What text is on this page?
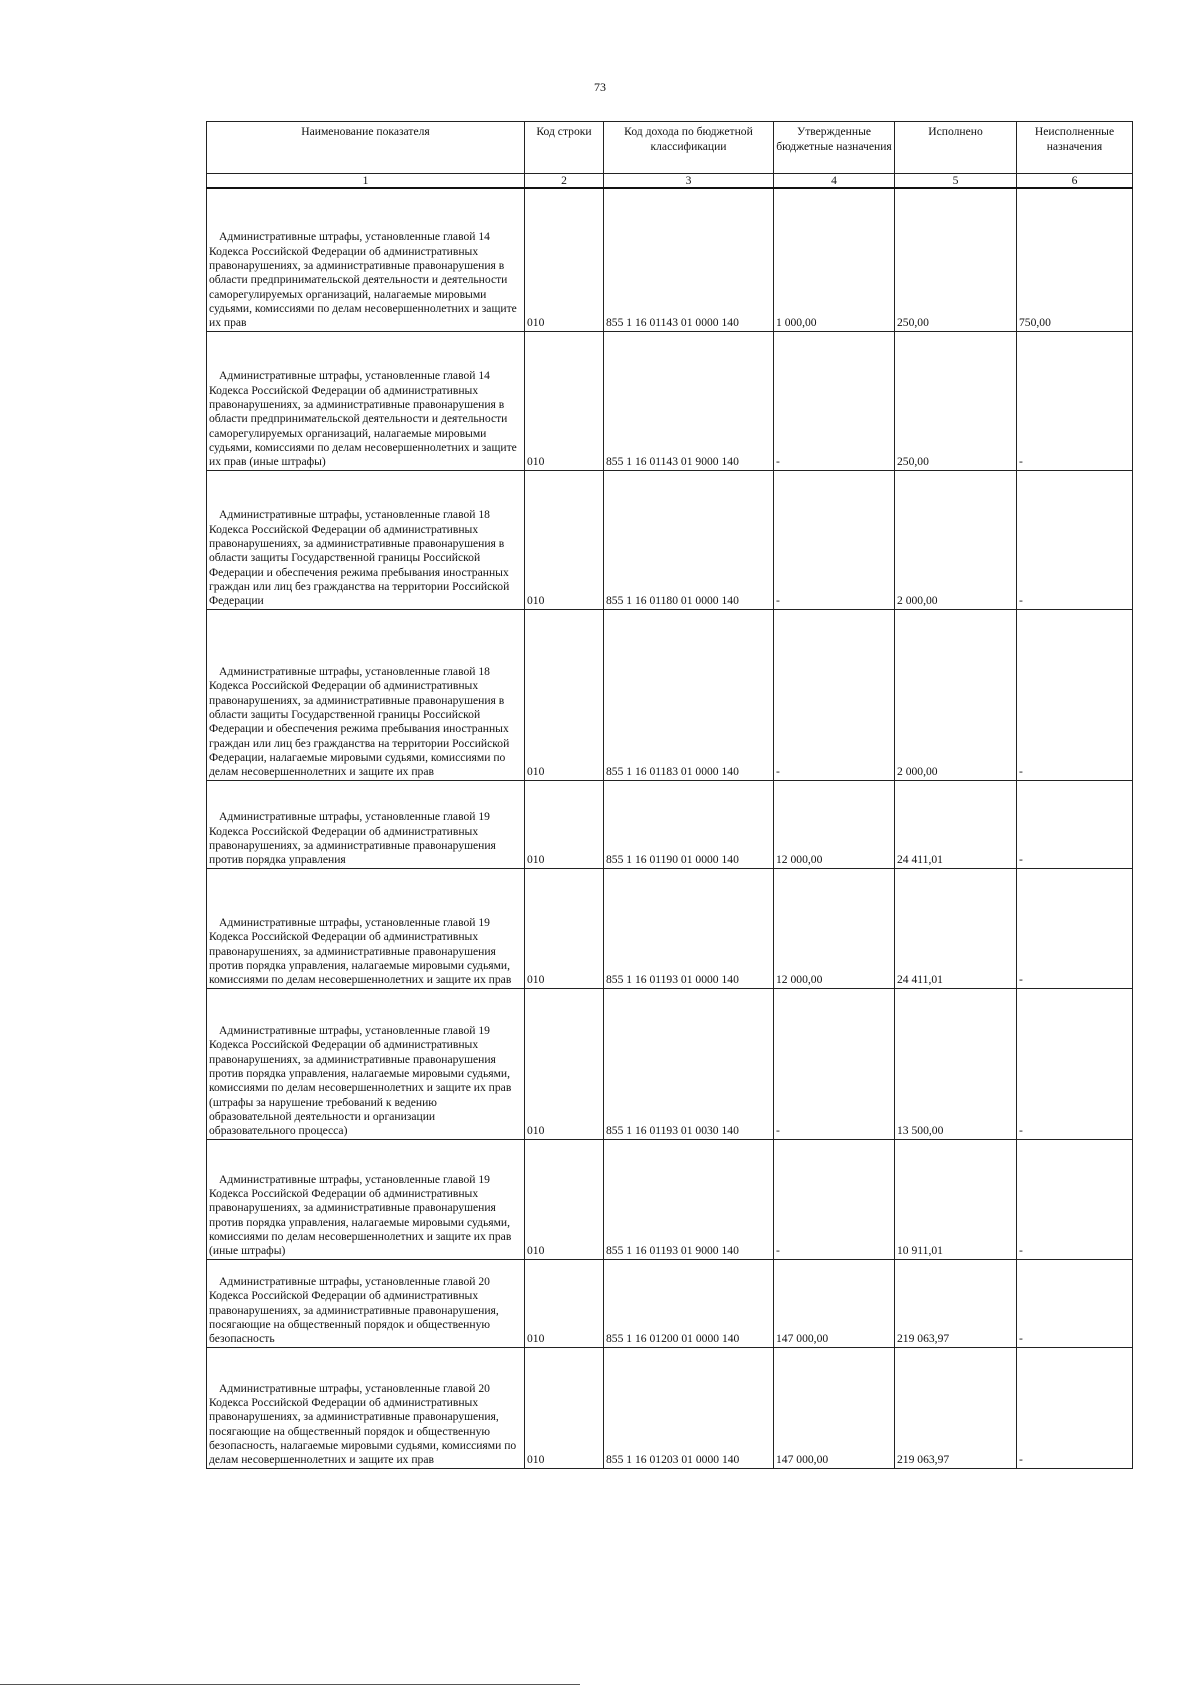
73
Наименование показателя	Код строки	Код дохода по бюджетной классификации	Утвержденные бюджетные назначения	Исполнено	Неисполненные назначения
1	2	3	4	5	6
Административные штрафы, установленные главой 14 Кодекса Российской Федерации об административных правонарушениях, за административные правонарушения в области предпринимательской деятельности и деятельности саморегулируемых организаций, налагаемые мировыми судьями, комиссиями по делам несовершеннолетних и защите их прав	010	855 1 16 01143 01 0000 140	1 000,00	250,00	750,00
Административные штрафы, установленные главой 14 Кодекса Российской Федерации об административных правонарушениях, за административные правонарушения в области предпринимательской деятельности и деятельности саморегулируемых организаций, налагаемые мировыми судьями, комиссиями по делам несовершеннолетних и защите их прав (иные штрафы)	010	855 1 16 01143 01 9000 140	-	250,00	-
Административные штрафы, установленные главой 18 Кодекса Российской Федерации об административных правонарушениях, за административные правонарушения в области защиты Государственной границы Российской Федерации и обеспечения режима пребывания иностранных граждан или лиц без гражданства на территории Российской Федерации	010	855 1 16 01180 01 0000 140	-	2 000,00	-
Административные штрафы, установленные главой 18 Кодекса Российской Федерации об административных правонарушениях, за административные правонарушения в области защиты Государственной границы Российской Федерации и обеспечения режима пребывания иностранных граждан или лиц без гражданства на территории Российской Федерации, налагаемые мировыми судьями, комиссиями по делам несовершеннолетних и защите их прав	010	855 1 16 01183 01 0000 140	-	2 000,00	-
Административные штрафы, установленные главой 19 Кодекса Российской Федерации об административных правонарушениях, за административные правонарушения против порядка управления	010	855 1 16 01190 01 0000 140	12 000,00	24 411,01	-
Административные штрафы, установленные главой 19 Кодекса Российской Федерации об административных правонарушениях, за административные правонарушения против порядка управления, налагаемые мировыми судьями, комиссиями по делам несовершеннолетних и защите их прав	010	855 1 16 01193 01 0000 140	12 000,00	24 411,01	-
Административные штрафы, установленные главой 19 Кодекса Российской Федерации об административных правонарушениях, за административные правонарушения против порядка управления, налагаемые мировыми судьями, комиссиями по делам несовершеннолетних и защите их прав (штрафы за нарушение требований к ведению образовательной деятельности и организации образовательного процесса)	010	855 1 16 01193 01 0030 140	-	13 500,00	-
Административные штрафы, установленные главой 19 Кодекса Российской Федерации об административных правонарушениях, за административные правонарушения против порядка управления, налагаемые мировыми судьями, комиссиями по делам несовершеннолетних и защите их прав (иные штрафы)	010	855 1 16 01193 01 9000 140	-	10 911,01	-
Административные штрафы, установленные главой 20 Кодекса Российской Федерации об административных правонарушениях, за административные правонарушения, посягающие на общественный порядок и общественную безопасность	010	855 1 16 01200 01 0000 140	147 000,00	219 063,97	-
Административные штрафы, установленные главой 20 Кодекса Российской Федерации об административных правонарушениях, за административные правонарушения, посягающие на общественный порядок и общественную безопасность, налагаемые мировыми судьями, комиссиями по делам несовершеннолетних и защите их прав	010	855 1 16 01203 01 0000 140	147 000,00	219 063,97	-
